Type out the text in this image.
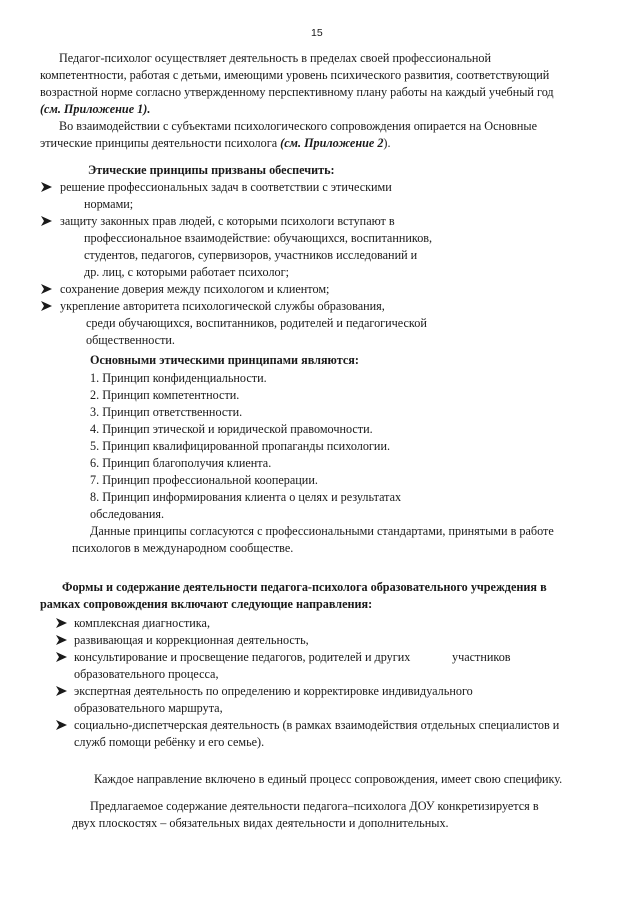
15
Педагог-психолог осуществляет деятельность в пределах своей профессиональной
компетентности, работая с детьми, имеющими уровень психического развития, соответствующий
возрастной норме согласно утвержденному перспективному плану работы на каждый учебный год
(см. Приложение 1).
Во взаимодействии с субъектами психологического сопровождения опирается на Основные
этические принципы деятельности психолога (см. Приложение 2).
Этические принципы призваны обеспечить:
решение профессиональных задач в соответствии с этическими
нормами;
защиту законных прав людей, с которыми психологи вступают в
профессиональное взаимодействие: обучающихся, воспитанников,
студентов, педагогов, супервизоров, участников исследований и
др. лиц, с которыми работает психолог;
сохранение доверия между психологом и клиентом;
укрепление авторитета психологической службы образования,
среди обучающихся, воспитанников, родителей и педагогической
общественности.
Основными этическими принципами являются:
1. Принцип конфиденциальности.
2. Принцип компетентности.
3. Принцип ответственности.
4. Принцип этической и юридической правомочности.
5. Принцип квалифицированной пропаганды психологии.
6. Принцип благополучия клиента.
7. Принцип профессиональной кооперации.
8. Принцип информирования клиента о целях и результатах
обследования.
Данные принципы согласуются с профессиональными стандартами, принятыми в работе
психологов в международном сообществе.
Формы и содержание деятельности педагога-психолога образовательного учреждения в
рамках сопровождения включают следующие направления:
комплексная диагностика,
развивающая и коррекционная деятельность,
консультирование и просвещение педагогов, родителей и других	участников
образовательного процесса,
экспертная деятельность по определению и корректировке индивидуального
образовательного маршрута,
социально-диспетчерская деятельность (в рамках взаимодействия отдельных специалистов и
служб помощи ребёнку и его семье).
Каждое направление включено в единый процесс сопровождения, имеет свою специфику.
Предлагаемое содержание деятельности педагога–психолога ДОУ конкретизируется в
двух плоскостях – обязательных видах деятельности и дополнительных.
